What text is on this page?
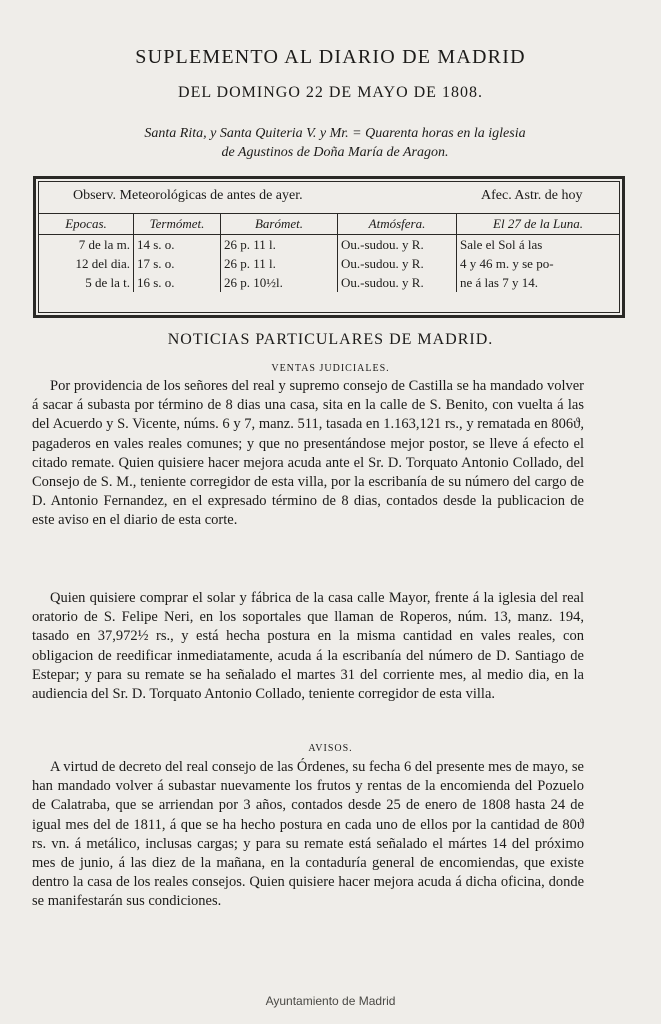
SUPLEMENTO AL DIARIO DE MADRID
DEL DOMINGO 22 DE MAYO DE 1808.
Santa Rita, y Santa Quiteria V. y Mr. = Quarenta horas en la iglesia
de Agustinos de Doña María de Aragon.
Observ. Meteorológicas de antes de ayer.	Afec. Astr. de hoy
Epocas.	Termómet.	Barómet.	Atmósfera.	El 27 de la Luna.
7 de la m.	14 s. o.	26 p. 11 l.	Ou.-sudou. y R.	Sale el Sol á las
12 del dia.	17 s. o.	26 p. 11 l.	Ou.-sudou. y R.	4 y 46 m. y se po-
5 de la t.	16 s. o.	26 p. 10½l.	Ou.-sudou. y R.	ne á las 7 y 14.
NOTICIAS PARTICULARES DE MADRID.
VENTAS JUDICIALES.

Por providencia de los señores del real y supremo consejo de Castilla se ha mandado volver á sacar á subasta por término de 8 dias una casa, sita en la calle de S. Benito, con vuelta á las del Acuerdo y S. Vicente, núms. 6 y 7, manz. 511, tasada en 1.163,121 rs., y rematada en 806ϑ, pagaderos en vales reales comunes; y que no presentándose mejor postor, se lleve á efecto el citado remate. Quien quisiere hacer mejora acuda ante el Sr. D. Torquato Antonio Collado, del Consejo de S. M., teniente corregidor de esta villa, por la escribanía de su número del cargo de D. Antonio Fernandez, en el expresado término de 8 dias, contados desde la publicacion de este aviso en el diario de esta corte.

Quien quisiere comprar el solar y fábrica de la casa calle Mayor, frente á la iglesia del real oratorio de S. Felipe Neri, en los soportales que llaman de Roperos, núm. 13, manz. 194, tasado en 37,972½ rs., y está hecha postura en la misma cantidad en vales reales, con obligacion de reedificar inmediatamente, acuda á la escribanía del número de D. Santiago de Estepar; y para su remate se ha señalado el martes 31 del corriente mes, al medio dia, en la audiencia del Sr. D. Torquato Antonio Collado, teniente corregidor de esta villa.

AVISOS.

A virtud de decreto del real consejo de las Órdenes, su fecha 6 del presente mes de mayo, se han mandado volver á subastar nuevamente los frutos y rentas de la encomienda del Pozuelo de Calatraba, que se arriendan por 3 años, contados desde 25 de enero de 1808 hasta 24 de igual mes del de 1811, á que se ha hecho postura en cada uno de ellos por la cantidad de 80ϑ rs. vn. á metálico, inclusas cargas; y para su remate está señalado el mártes 14 del próximo mes de junio, á las diez de la mañana, en la contaduría general de encomiendas, que existe dentro la casa de los reales consejos. Quien quisiere hacer mejora acuda á dicha oficina, donde se manifestarán sus condiciones.

Ayuntamiento de Madrid
